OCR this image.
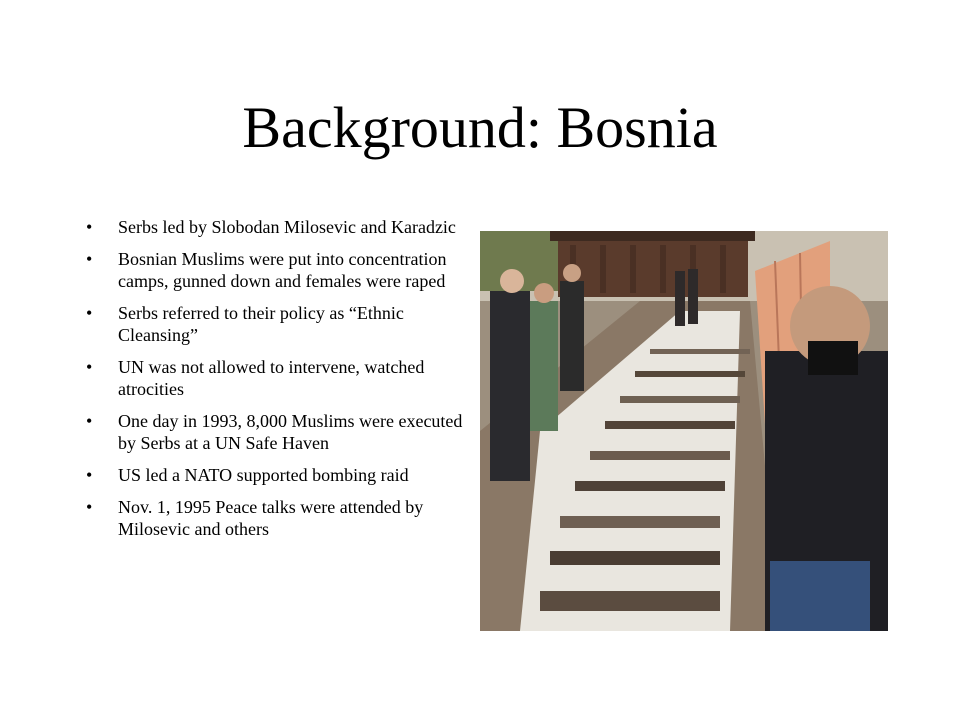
Background: Bosnia
•	Serbs led by Slobodan Milosevic and Karadzic
•	Bosnian Muslims were put into concentration camps, gunned down and females were raped
•	Serbs referred to their policy as “Ethnic Cleansing”
•	UN was not allowed to intervene, watched atrocities
•	One day in 1993, 8,000 Muslims were executed by Serbs at a UN Safe Haven
•	US led a NATO supported bombing raid
•	Nov. 1, 1995 Peace talks were attended by Milosevic and others
